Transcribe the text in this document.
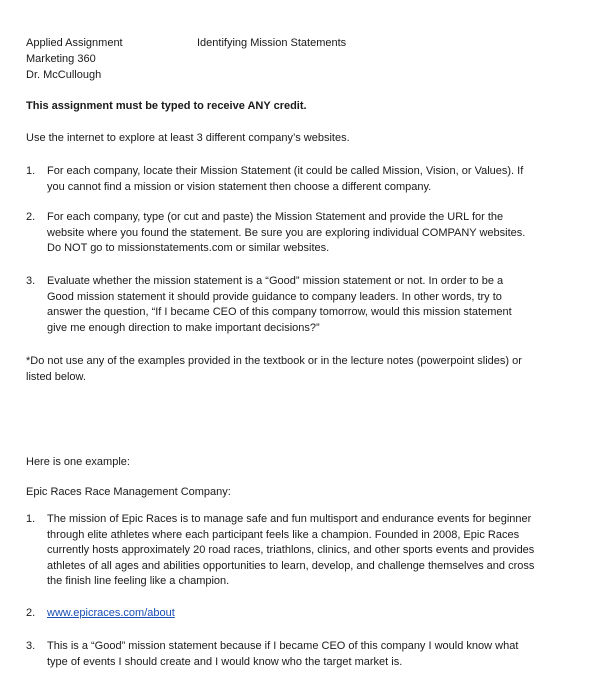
Applied Assignment	Identifying Mission Statements
Marketing 360
Dr. McCullough
This assignment must be typed to receive ANY credit.
Use the internet to explore at least 3 different company’s websites.
1.	For each company, locate their Mission Statement (it could be called Mission, Vision, or Values). If
you cannot find a mission or vision statement then choose a different company.
2.	For each company, type (or cut and paste) the Mission Statement and provide the URL for the
website where you found the statement. Be sure you are exploring individual COMPANY websites.
Do NOT go to missionstatements.com or similar websites.
3.	Evaluate whether the mission statement is a “Good” mission statement or not. In order to be a
Good mission statement it should provide guidance to company leaders. In other words, try to
answer the question, “If I became CEO of this company tomorrow, would this mission statement
give me enough direction to make important decisions?”
*Do not use any of the examples provided in the textbook or in the lecture notes (powerpoint slides) or
listed below.
Here is one example:
Epic Races Race Management Company:
1.	The mission of Epic Races is to manage safe and fun multisport and endurance events for beginner
through elite athletes where each participant feels like a champion. Founded in 2008, Epic Races
currently hosts approximately 20 road races, triathlons, clinics, and other sports events and provides
athletes of all ages and abilities opportunities to learn, develop, and challenge themselves and cross
the finish line feeling like a champion.
2.	www.epicraces.com/about
3.	This is a “Good” mission statement because if I became CEO of this company I would know what
type of events I should create and I would know who the target market is.
